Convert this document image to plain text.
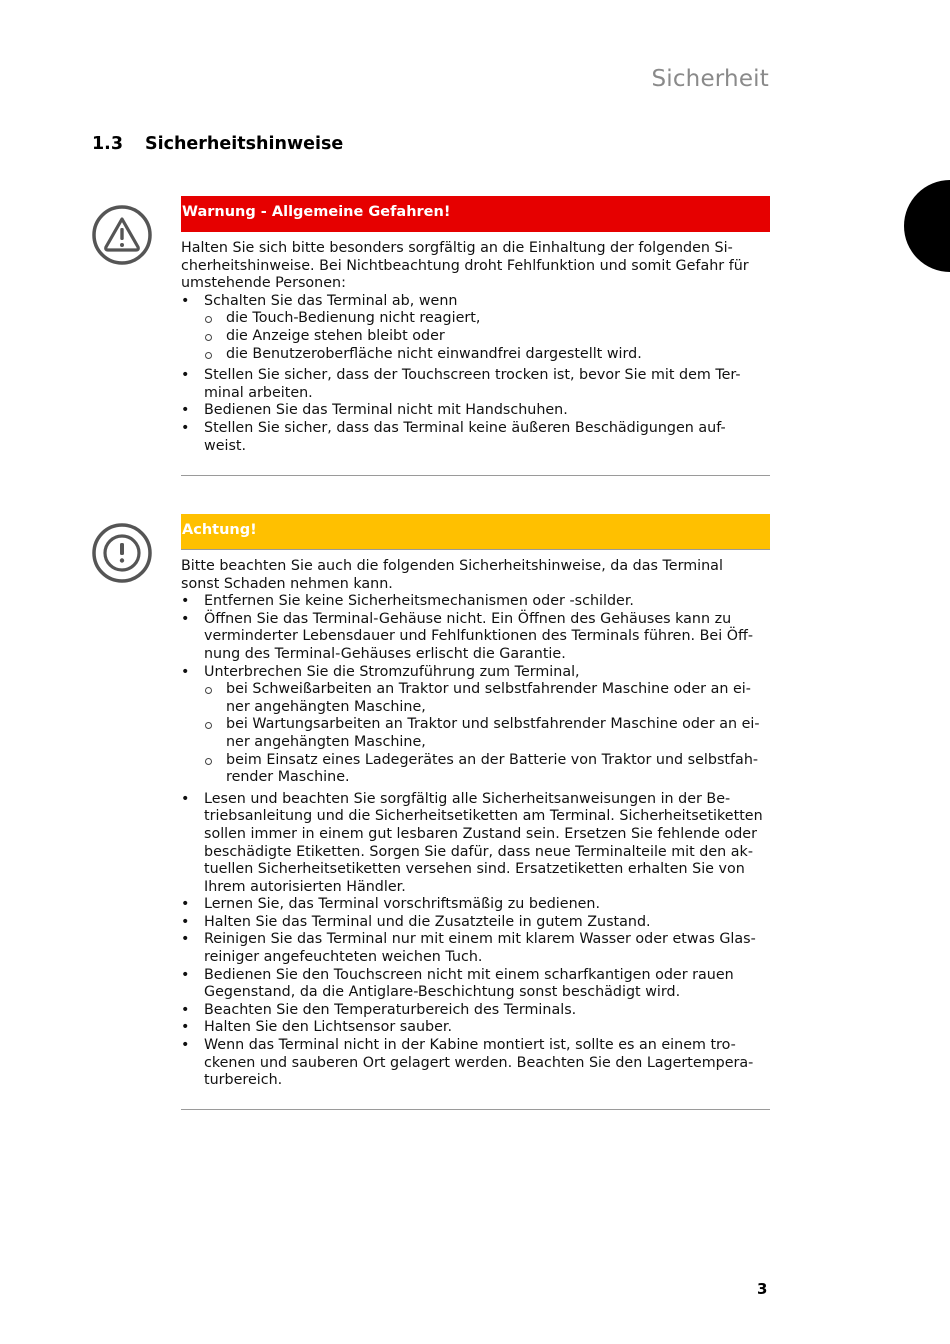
Sicherheit
1.3 Sicherheitshinweise
Warnung - Allgemeine Gefahren!

Halten Sie sich bitte besonders sorgfältig an die Einhaltung der folgenden Si-
cherheitshinweise. Bei Nichtbeachtung droht Fehlfunktion und somit Gefahr für
umstehende Personen:

• Schalten Sie das Terminal ab, wenn
die Touch-Bedienung nicht reagiert,
die Anzeige stehen bleibt oder
die Benutzeroberfläche nicht einwandfrei dargestellt wird.
• Stellen Sie sicher, dass der Touchscreen trocken ist, bevor Sie mit dem Ter-
minal arbeiten.
• Bedienen Sie das Terminal nicht mit Handschuhen.
• Stellen Sie sicher, dass das Terminal keine äußeren Beschädigungen auf-
weist.
Achtung!

Bitte beachten Sie auch die folgenden Sicherheitshinweise, da das Terminal
sonst Schaden nehmen kann.

• Entfernen Sie keine Sicherheitsmechanismen oder -schilder.
• Öffnen Sie das Terminal-Gehäuse nicht. Ein Öffnen des Gehäuses kann zu
verminderter Lebensdauer und Fehlfunktionen des Terminals führen. Bei Öff-
nung des Terminal-Gehäuses erlischt die Garantie.
• Unterbrechen Sie die Stromzuführung zum Terminal,
bei Schweißarbeiten an Traktor und selbstfahrender Maschine oder an ei-
ner angehängten Maschine,
bei Wartungsarbeiten an Traktor und selbstfahrender Maschine oder an ei-
ner angehängten Maschine,
beim Einsatz eines Ladegerätes an der Batterie von Traktor und selbstfah-
render Maschine.
• Lesen und beachten Sie sorgfältig alle Sicherheitsanweisungen in der Be-
triebsanleitung und die Sicherheitsetiketten am Terminal. Sicherheitsetiketten
sollen immer in einem gut lesbaren Zustand sein. Ersetzen Sie fehlende oder
beschädigte Etiketten. Sorgen Sie dafür, dass neue Terminalteile mit den ak-
tuellen Sicherheitsetiketten versehen sind. Ersatzetiketten erhalten Sie von
Ihrem autorisierten Händler.
• Lernen Sie, das Terminal vorschriftsmäßig zu bedienen.
• Halten Sie das Terminal und die Zusatzteile in gutem Zustand.
• Reinigen Sie das Terminal nur mit einem mit klarem Wasser oder etwas Glas-
reiniger angefeuchteten weichen Tuch.
• Bedienen Sie den Touchscreen nicht mit einem scharfkantigen oder rauen
Gegenstand, da die Antiglare-Beschichtung sonst beschädigt wird.
• Beachten Sie den Temperaturbereich des Terminals.
• Halten Sie den Lichtsensor sauber.
• Wenn das Terminal nicht in der Kabine montiert ist, sollte es an einem tro-
ckenen und sauberen Ort gelagert werden. Beachten Sie den Lagertempera-
turbereich.
3
